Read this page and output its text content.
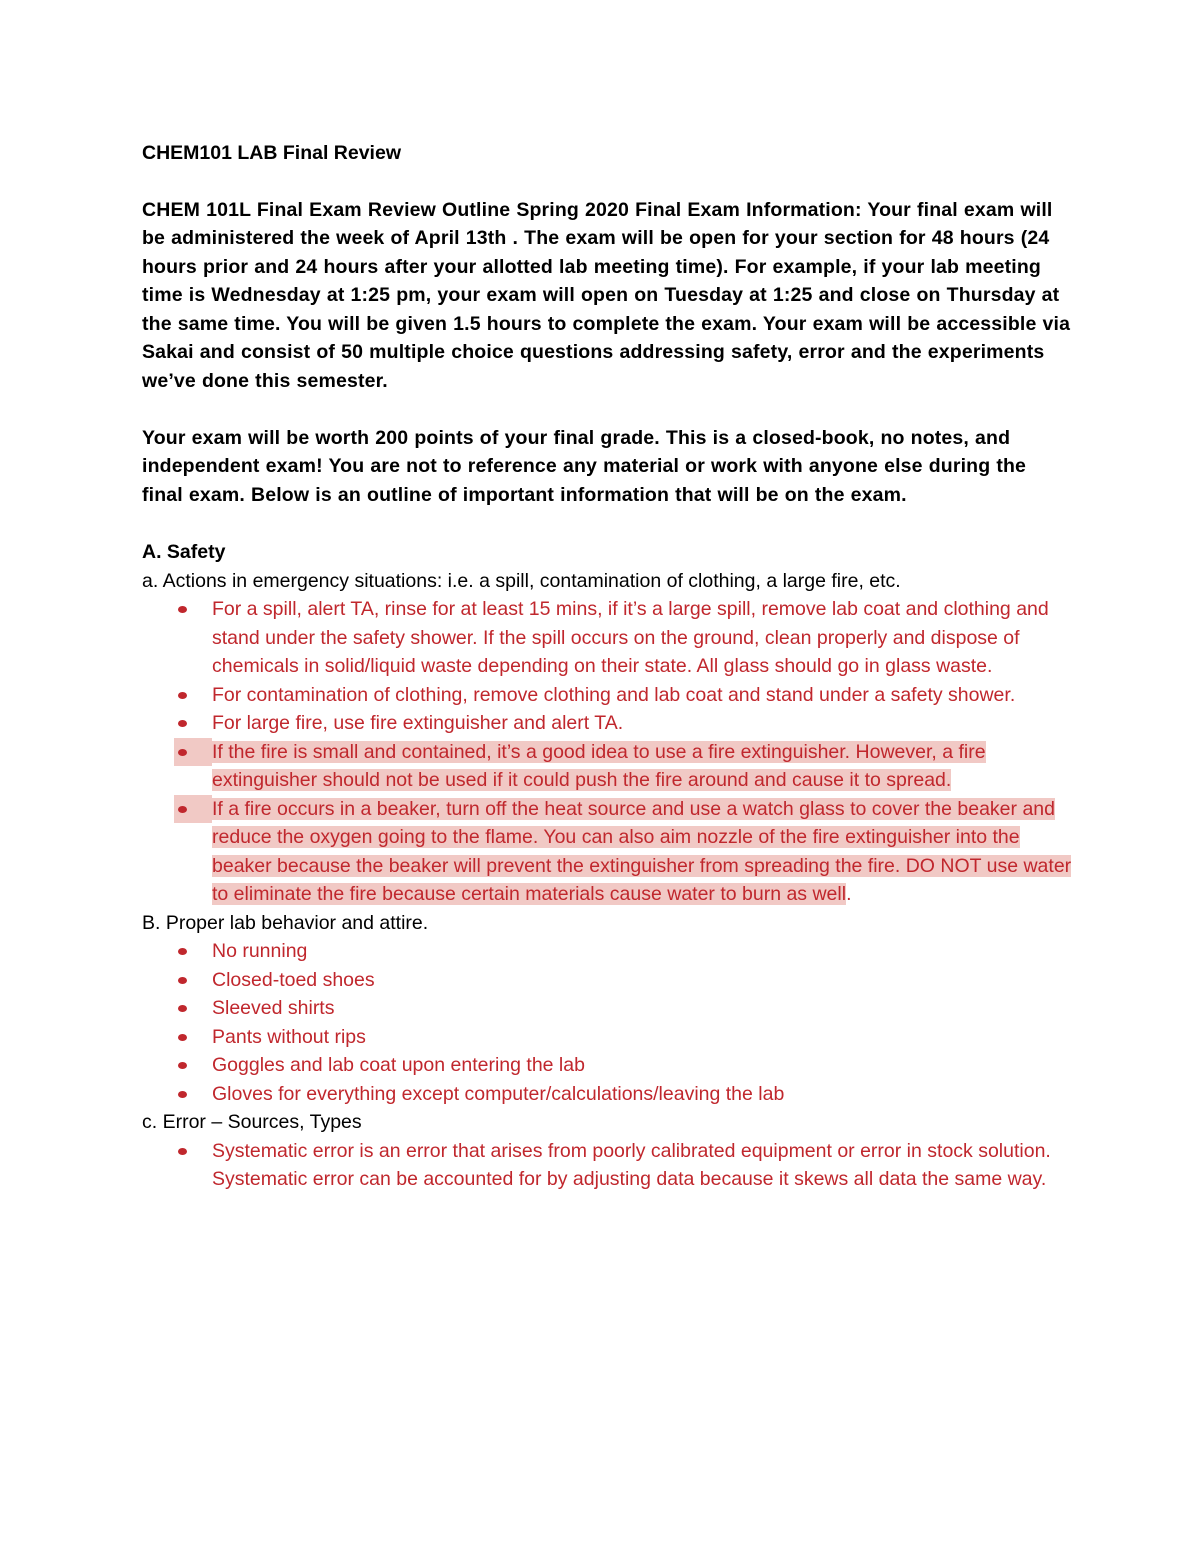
CHEM101 LAB Final Review

CHEM 101L Final Exam Review Outline Spring 2020 Final Exam Information: Your final exam will be administered the week of April 13th . The exam will be open for your section for 48 hours (24 hours prior and 24 hours after your allotted lab meeting time). For example, if your lab meeting time is Wednesday at 1:25 pm, your exam will open on Tuesday at 1:25 and close on Thursday at the same time. You will be given 1.5 hours to complete the exam. Your exam will be accessible via Sakai and consist of 50 multiple choice questions addressing safety, error and the experiments we’ve done this semester.

Your exam will be worth 200 points of your final grade. This is a closed-book, no notes, and independent exam! You are not to reference any material or work with anyone else during the final exam. Below is an outline of important information that will be on the exam.

A. Safety

a. Actions in emergency situations: i.e. a spill, contamination of clothing, a large fire, etc.

For a spill, alert TA, rinse for at least 15 mins, if it’s a large spill, remove lab coat and clothing and stand under the safety shower. If the spill occurs on the ground, clean properly and dispose of chemicals in solid/liquid waste depending on their state. All glass should go in glass waste.
For contamination of clothing, remove clothing and lab coat and stand under a safety shower.
For large fire, use fire extinguisher and alert TA.
If the fire is small and contained, it’s a good idea to use a fire extinguisher. However, a fire extinguisher should not be used if it could push the fire around and cause it to spread.
If a fire occurs in a beaker, turn off the heat source and use a watch glass to cover the beaker and reduce the oxygen going to the flame. You can also aim nozzle of the fire extinguisher into the beaker because the beaker will prevent the extinguisher from spreading the fire. DO NOT use water to eliminate the fire because certain materials cause water to burn as well.

B. Proper lab behavior and attire.

No running
Closed-toed shoes
Sleeved shirts
Pants without rips
Goggles and lab coat upon entering the lab
Gloves for everything except computer/calculations/leaving the lab

c. Error – Sources, Types

Systematic error is an error that arises from poorly calibrated equipment or error in stock solution. Systematic error can be accounted for by adjusting data because it skews all data the same way.
